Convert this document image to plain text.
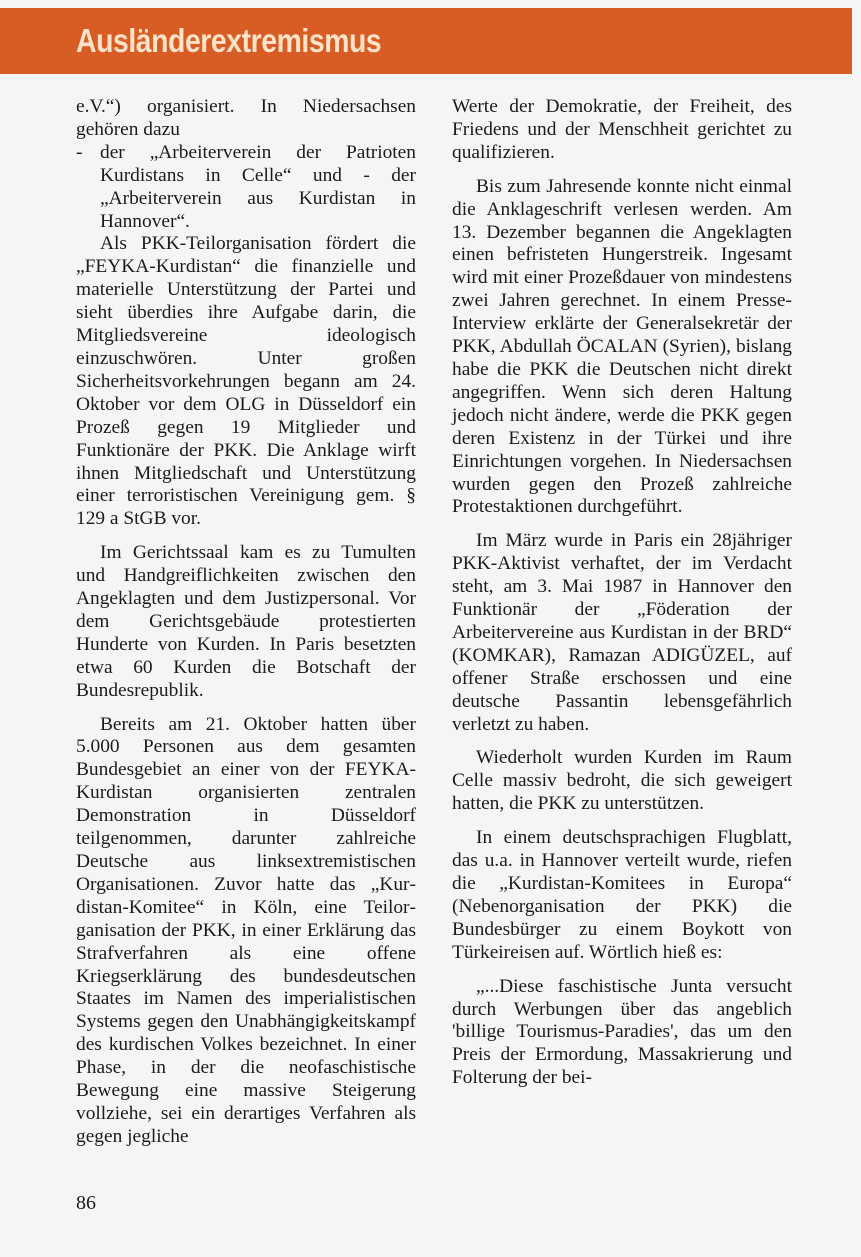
Ausländerextremismus

e.V.“) organisiert. In Niedersachsen gehören dazu

- der „Arbeiterverein der Patrioten Kurdistans in Celle“ und - der „Arbeiterverein aus Kurdistan in Hannover“.

Als PKK-Teilorganisation fördert die „FEYKA-Kurdistan“ die finanzielle und materielle Unterstützung der Partei und sieht überdies ihre Aufgabe darin, die Mitgliedsvereine ideologisch einzuschwören. Unter großen Sicherheitsvorkehrungen begann am 24. Oktober vor dem OLG in Düsseldorf ein Prozeß gegen 19 Mitglieder und Funktionäre der PKK. Die Anklage wirft ihnen Mitgliedschaft und Unterstützung einer terroristischen Vereinigung gem. § 129 a StGB vor.

Im Gerichtssaal kam es zu Tumulten und Handgreiflichkeiten zwischen den Angeklagten und dem Justizpersonal. Vor dem Gerichtsgebäude protestierten Hunderte von Kurden. In Paris besetzten etwa 60 Kurden die Botschaft der Bundesrepublik.

Bereits am 21. Oktober hatten über 5.000 Personen aus dem gesamten Bundesgebiet an einer von der FEYKA-Kurdistan organisierten zentralen Demonstration in Düsseldorf teilgenommen, darunter zahlreiche Deutsche aus linksextremistischen Organisationen. Zuvor hatte das „Kurdistan-Komitee“ in Köln, eine Teilorganisation der PKK, in einer Erklärung das Strafverfahren als eine offene Kriegserklärung des bundesdeutschen Staates im Namen des imperialistischen Systems gegen den Unabhängigkeitskampf des kurdischen Volkes bezeichnet. In einer Phase, in der die neofaschistische Bewegung eine massive Steigerung vollziehe, sei ein derartiges Verfahren als gegen jegliche

Werte der Demokratie, der Freiheit, des Friedens und der Menschheit gerichtet zu qualifizieren.

Bis zum Jahresende konnte nicht einmal die Anklageschrift verlesen werden. Am 13. Dezember begannen die Angeklagten einen befristeten Hungerstreik. Ingesamt wird mit einer Prozeßdauer von mindestens zwei Jahren gerechnet. In einem Presse-Interview erklärte der Generalsekretär der PKK, Abdullah ÖCALAN (Syrien), bislang habe die PKK die Deutschen nicht direkt angegriffen. Wenn sich deren Haltung jedoch nicht ändere, werde die PKK gegen deren Existenz in der Türkei und ihre Einrichtungen vorgehen. In Niedersachsen wurden gegen den Prozeß zahlreiche Protestaktionen durchgeführt.

Im März wurde in Paris ein 28jähriger PKK-Aktivist verhaftet, der im Verdacht steht, am 3. Mai 1987 in Hannover den Funktionär der „Föderation der Arbeitervereine aus Kurdistan in der BRD“ (KOMKAR), Ramazan ADIGÜZEL, auf offener Straße erschossen und eine deutsche Passantin lebensgefährlich verletzt zu haben.

Wiederholt wurden Kurden im Raum Celle massiv bedroht, die sich geweigert hatten, die PKK zu unterstützen.

In einem deutschsprachigen Flugblatt, das u.a. in Hannover verteilt wurde, riefen die „Kurdistan-Komitees in Europa“ (Nebenorganisation der PKK) die Bundesbürger zu einem Boykott von Türkeireisen auf. Wörtlich hieß es:

„...Diese faschistische Junta versucht durch Werbungen über das angeblich 'billige Tourismus-Paradies', das um den Preis der Ermordung, Massakrierung und Folterung der bei-

86
